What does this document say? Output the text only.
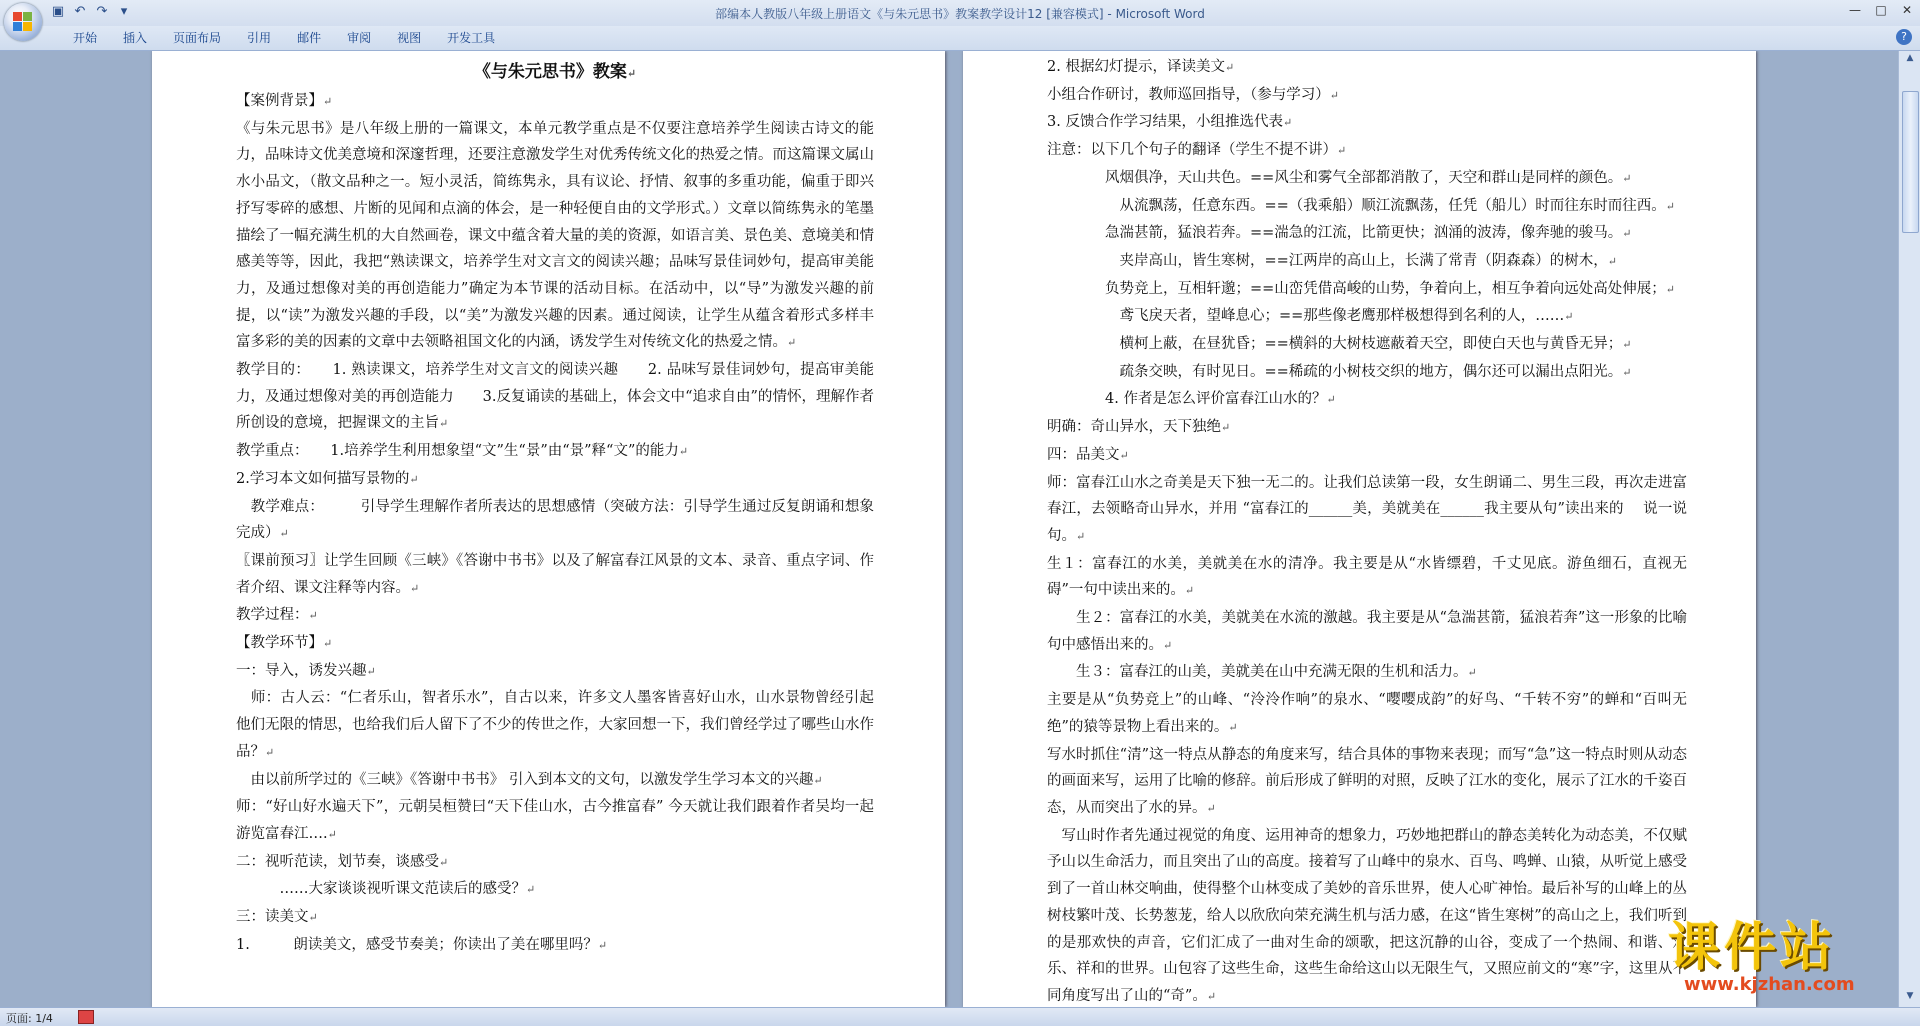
▣ ↶ ↷	▾	部编本人教版八年级上册语文《与朱元思书》教案教学设计12 [兼容模式] - Microsoft Word	—	□	✕
开始	插入	页面布局	引用	邮件	审阅	视图	开发工具	?

《与朱元思书》教案↵

【案例背景】↵

《与朱元思书》是八年级上册的一篇课文，本单元教学重点是不仅要注意培养学生阅读古诗文的能力，品味诗文优美意境和深邃哲理，还要注意激发学生对优秀传统文化的热爱之情。而这篇课文属山水小品文，（散文品种之一。短小灵活，简练隽永，具有议论、抒情、叙事的多重功能，偏重于即兴抒写零碎的感想、片断的见闻和点滴的体会，是一种轻便自由的文学形式。）文章以简练隽永的笔墨描绘了一幅充满生机的大自然画卷，课文中蕴含着大量的美的资源，如语言美、景色美、意境美和情感美等等，因此，我把“熟读课文，培养学生对文言文的阅读兴趣；品味写景佳词妙句，提高审美能力，及通过想像对美的再创造能力”确定为本节课的活动目标。在活动中，以“导”为激发兴趣的前提，以“读”为激发兴趣的手段，以“美”为激发兴趣的因素。通过阅读，让学生从蕴含着形式多样丰富多彩的美的因素的文章中去领略祖国文化的内涵，诱发学生对传统文化的热爱之情。↵

教学目的：　　1. 熟读课文，培养学生对文言文的阅读兴趣　　2. 品味写景佳词妙句，提高审美能力，及通过想像对美的再创造能力　　3.反复诵读的基础上，体会文中“追求自由”的情怀，理解作者所创设的意境，把握课文的主旨↵

教学重点：　　1.培养学生利用想象望“文”生“景”由“景”释“文”的能力↵

2.学习本文如何描写景物的↵

　教学难点：　　　引导学生理解作者所表达的思想感情（突破方法：引导学生通过反复朗诵和想象完成）↵

〖课前预习〗让学生回顾《三峡》《答谢中书书》以及了解富春江风景的文本、录音、重点字词、作者介绍、课文注释等内容。↵

教学过程：↵

【教学环节】↵

一：导入，诱发兴趣↵

　师：古人云：“仁者乐山，智者乐水”，自古以来，许多文人墨客皆喜好山水，山水景物曾经引起他们无限的情思，也给我们后人留下了不少的传世之作，大家回想一下，我们曾经学过了哪些山水作品？↵

　由以前所学过的《三峡》《答谢中书书》 引入到本文的文句，以激发学生学习本文的兴趣↵

师：“好山好水遍天下”，元朝吴桓赞曰“天下佳山水，古今推富春” 今天就让我们跟着作者吴均一起游览富春江….↵

二：视听范读，划节奏，谈感受↵

　　　……大家谈谈视听课文范读后的感受？↵

三：读美文↵

1.　　　朗读美文，感受节奏美；你读出了美在哪里吗？↵

2. 根据幻灯提示，译读美文↵

小组合作研讨，教师巡回指导，（参与学习）↵

3. 反馈合作学习结果，小组推选代表↵

注意：以下几个句子的翻译（学生不提不讲）↵

　　　　风烟俱净，天山共色。==风尘和雾气全部都消散了，天空和群山是同样的颜色。↵

　　　　　从流飘荡，任意东西。==（我乘船）顺江流飘荡，任凭（船儿）时而往东时而往西。↵

　　　　急湍甚箭，猛浪若奔。==湍急的江流，比箭更快；汹涌的波涛，像奔驰的骏马。↵

　　　　　夹岸高山，皆生寒树，==江两岸的高山上，长满了常青（阴森森）的树木，↵

　　　　负势竞上，互相轩邈；==山峦凭借高峻的山势，争着向上，相互争着向远处高处伸展；↵

　　　　　鸢飞戾天者，望峰息心；==那些像老鹰那样极想得到名利的人，……↵

　　　　　横柯上蔽，在昼犹昏；==横斜的大树枝遮蔽着天空，即使白天也与黄昏无异；↵

　　　　　疏条交映，有时见日。==稀疏的小树枝交织的地方，偶尔还可以漏出点阳光。↵

　　　　4. 作者是怎么评价富春江山水的？↵

明确：奇山异水，天下独绝↵

四：品美文↵

师：富春江山水之奇美是天下独一无二的。让我们总读第一段，女生朗诵二、男生三段，再次走进富春江，去领略奇山异水，并用 “富春江的______美，美就美在______我主要从句”读出来的　 说一说句。↵

生１：富春江的水美，美就美在水的清净。我主要是从“水皆缥碧，千丈见底。游鱼细石，直视无碍”一句中读出来的。↵

　　生２：富春江的水美，美就美在水流的激越。我主要是从“急湍甚箭，猛浪若奔”这一形象的比喻句中感悟出来的。↵

　　生３：富春江的山美，美就美在山中充满无限的生机和活力。↵

主要是从“负势竞上”的山峰、“泠泠作响”的泉水、“嘤嘤成韵”的好鸟、“千转不穷”的蝉和“百叫无绝”的猿等景物上看出来的。↵

写水时抓住“清”这一特点从静态的角度来写，结合具体的事物来表现；而写“急”这一特点时则从动态的画面来写，运用了比喻的修辞。前后形成了鲜明的对照，反映了江水的变化，展示了江水的千姿百态，从而突出了水的异。↵

　写山时作者先通过视觉的角度、运用神奇的想象力，巧妙地把群山的静态美转化为动态美，不仅赋予山以生命活力，而且突出了山的高度。接着写了山峰中的泉水、百鸟、鸣蝉、山猿，从听觉上感受到了一首山林交响曲，使得整个山林变成了美妙的音乐世界，使人心旷神怡。最后补写的山峰上的丛树枝繁叶茂、长势葱茏，给人以欣欣向荣充满生机与活力感，在这“皆生寒树”的高山之上，我们听到的是那欢快的声音，它们汇成了一曲对生命的颂歌，把这沉静的山谷，变成了一个热闹、和谐、欢乐、祥和的世界。山包容了这些生命，这些生命给这山以无限生气，又照应前文的“寒”字，这里从不同角度写出了山的“奇”。↵

▲
▼
页面: 1/4
课件站
www.kjzhan.com
